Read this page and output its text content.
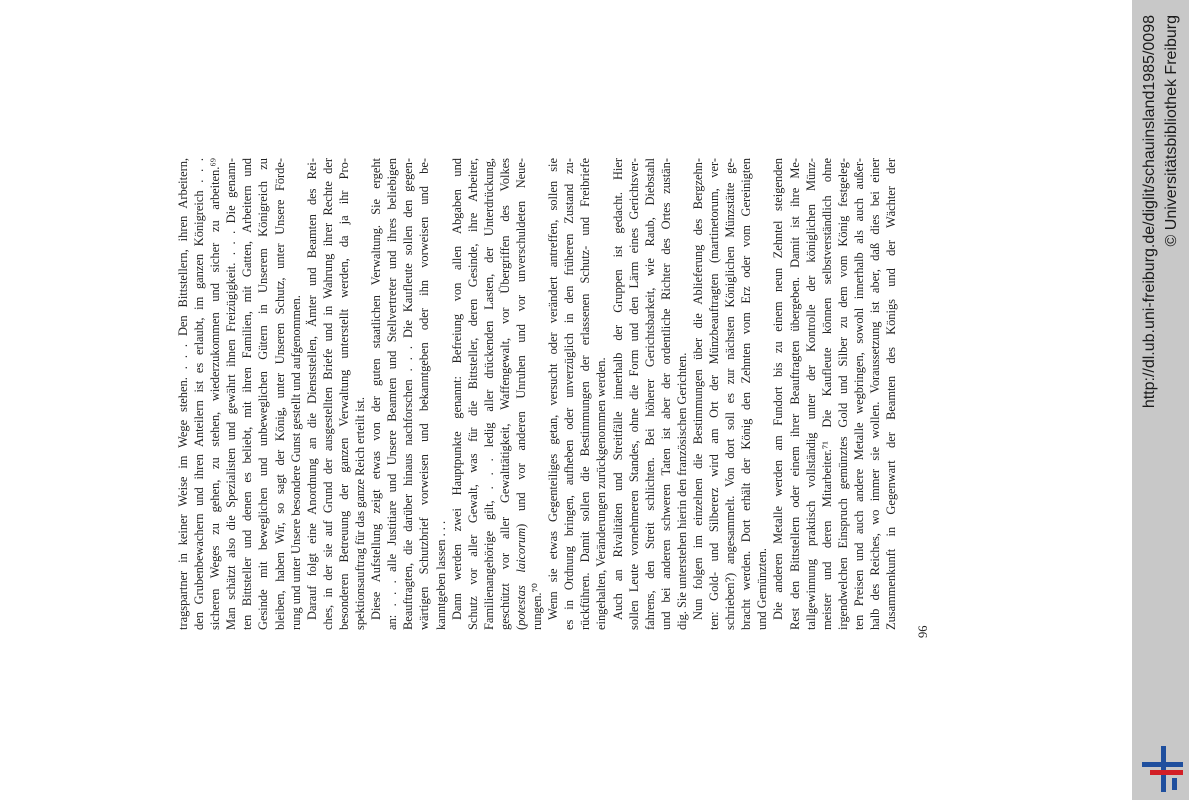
tragspartner in keiner Weise im Wege stehen. . . . Den Bittstellern, ihren Arbeitern, den Grubenbewachern und ihren Anteilern ist es erlaubt, im ganzen Königreich . . . sicheren Weges zu gehen, zu stehen, wiederzukommen und sicher zu arbeiten.⁶⁹ Man schätzt also die Spezialisten und gewährt ihnen Freizügigkeit. . . . Die genann- ten Bittsteller und denen es beliebt, mit ihren Familien, mit Gatten, Arbeitern und Gesinde mit beweglichen und unbeweglichen Gütern in Unserem Königreich zu bleiben, haben Wir, so sagt der König, unter Unseren Schutz, unter Unsere Förde- rung und unter Unsere besondere Gunst gestellt und aufgenommen. Darauf folgt eine Anordnung an die Dienststellen, Ämter und Beamten des Rei- ches, in der sie auf Grund der ausgestellten Briefe und in Wahrung ihrer Rechte der besonderen Betreuung der ganzen Verwaltung unterstellt werden, da ja ihr Pro- spektionsauftrag für das ganze Reich erteilt ist. Diese Aufstellung zeigt etwas von der guten staatlichen Verwaltung. Sie ergeht an: . . . alle Justitiare und Unsere Beamten und Stellvertreter und ihres beliebigen Beauftragten, die darüber hinaus nachforschen . . . Die Kaufleute sollen den gegen- wärtigen Schutzbrief vorweisen und bekanntgeben oder ihn vorweisen und be- kanntgeben lassen . . . Dann werden zwei Hauptpunkte genannt: Befreiung von allen Abgaben und Schutz vor aller Gewalt, was für die Bittsteller, deren Gesinde, ihre Arbeiter, Familienangehörige gilt, . . . ledig aller drückenden Lasten, der Unterdrückung, geschützt vor aller Gewalttätigkeit, Waffengewalt, vor Übergriffen des Volkes (potestas laicorum) und vor anderen Unruhen und vor unverschuldeten Neue-
rungen.⁷⁰ Wenn sie etwas Gegenteiliges getan, versucht oder verändert antreffen, sollen sie es in Ordnung bringen, aufheben oder unverzüglich in den früheren Zustand zu- rückführen. Damit sollen die Bestimmungen der erlassenen Schutz- und Freibriefe eingehalten, Veränderungen zurückgenommen werden. Auch an Rivalitäten und Streitfälle innerhalb der Gruppen ist gedacht. Hier sollen Leute vornehmeren Standes, ohne die Form und den Lärm eines Gerichtsver- fahrens, den Streit schlichten. Bei höherer Gerichtsbarkeit, wie Raub, Diebstahl und bei anderen schweren Taten ist aber der ordentliche Richter des Ortes zustän- dig. Sie unterstehen hierin den französischen Gerichten. Nun folgen im einzelnen die Bestimmungen über die Ablieferung des Bergzehn- ten: Gold- und Silbererz wird am Ort der Münzbeauftragten (martinetorum, ver- schrieben?) angesammelt. Von dort soll es zur nächsten Königlichen Münzstätte ge- bracht werden. Dort erhält der König den Zehnten vom Erz oder vom Gereinigten und Gemünzten. Die anderen Metalle werden am Fundort bis zu einem neun Zehntel steigenden Rest den Bittstellern oder einem ihrer Beauftragten übergeben. Damit ist ihre Me- tallgewinnung praktisch vollständig unter der Kontrolle der königlichen Münz- meister und deren Mitarbeiter.⁷¹ Die Kaufleute können selbstverständlich ohne irgendwelchen Einspruch gemünztes Gold und Silber zu dem vom König festgeleg- ten Preisen und auch andere Metalle wegbringen, sowohl innerhalb als auch außer- halb des Reiches, wo immer sie wollen. Voraussetzung ist aber, daß dies bei einer Zusammenkunft in Gegenwart der Beamten des Königs und der Wächter der
96
http://dl.ub.uni-freiburg.de/diglit/schauinsland1985/0098 © Universitätsbibliothek Freiburg
